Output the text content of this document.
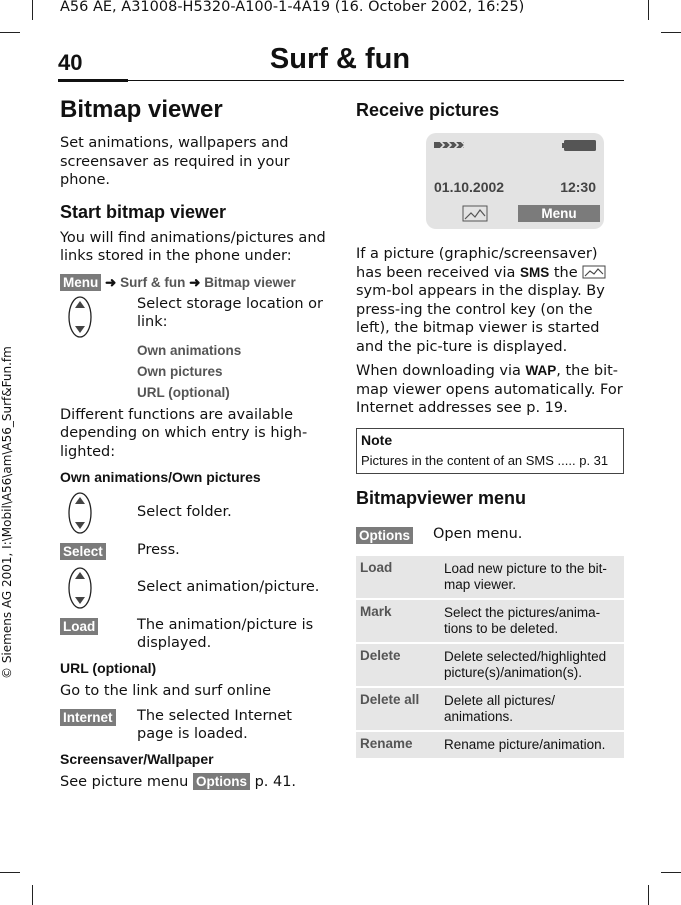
A56 AE, A31008-H5320-A100-1-4A19 (16. October 2002, 16:25)
© Siemens AG 2001, I:\Mobil\A56\am\A56_Surf&Fun.fm
40	Surf & fun
Bitmap viewer
Set animations, wallpapers and screensaver as required in your phone.
Start bitmap viewer
You will find animations/pictures and links stored in the phone under:
Menu ➜ Surf & fun ➜ Bitmap viewer
Select storage location or link:
Own animations
Own pictures
URL (optional)
Different functions are available depending on which entry is high-lighted:
Own animations/Own pictures
Select folder.
Select	Press.
Select animation/picture.
Load	The animation/picture is displayed.
URL (optional)
Go to the link and surf online
Internet	The selected Internet page is loaded.
Screensaver/Wallpaper
See picture menu Options p. 41.
Receive pictures
01.10.2002	12:30
Menu
If a picture (graphic/screensaver) has been received via SMS the  sym-bol appears in the display. By press-ing the control key (on the left), the bitmap viewer is started and the pic-ture is displayed.
When downloading via WAP, the bit-map viewer opens automatically. For Internet addresses see p. 19.
Note
Pictures in the content of an SMS ..... p. 31
Bitmapviewer menu
Options	Open menu.
Load	Load new picture to the bit-map viewer.
Mark	Select the pictures/anima-tions to be deleted.
Delete	Delete selected/highlighted picture(s)/animation(s).
Delete all	Delete all pictures/ animations.
Rename	Rename picture/animation.
